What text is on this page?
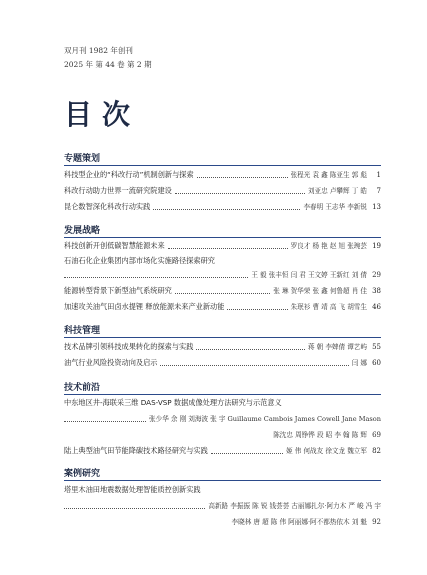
双月刊 1982 年创刊
2025 年 第 44 卷 第 2 期
目次
专题策划
科技型企业的“科改行动”机制创新与探索	张程光 袁 鑫 陈亚生 郭 彪	1
科改行动助力世界一流研究院建设	刘亚忠 卢攀辉 丁 皓	7
昆仑数智深化科改行动实践	李春明 王志华 李新锐 13
发展战略
科技创新开创低碳智慧能源未来	罗良才 杨 艳 赵 旭 张琬芸 19
石油石化企业集团内部市场化实施路径探索研究
王 毅 张丰恒 闫 君 王文婷 王新红 刘 倩 29
能源转型背景下新型油气系统研究	张 琳 贺华荣 张 鑫 何鲁超 肖 佳 38
加速攻关油气田卤水提锂 释放能源未来产业新动能	朱珉衫 曹 靖 高 飞 胡雪生 46
科技管理
技术品牌引领科技成果转化的探索与实践	蒋 朝 李婢倩 谭艺屿 55
油气行业风险投资动向及启示	闫 娜 60
技术前沿
中东地区井-海联采三维 DAS-VSP 数据成像处理方法研究与示范意义
张少华 余 刚 刘海波 张 宇 Guillaume Cambois James Cowell Jane Mason
陈沈忠 周铮铧 段 昭 李 翰 陈 辉 69
陆上典型油气田节能降碳技术路径研究与实践	姬 伟 何战友 徐文龙 魏立军 82
案例研究
塔里木油田地震数据处理智能质控创新实践
高新路 李振振 陈 锐 钱荟荟 古丽娜扎尔·阿力木 严 峻 冯 宇
李晓林 唐 超 陈 伟 阿丽娜·阿不都热依木 刘 魁 92
